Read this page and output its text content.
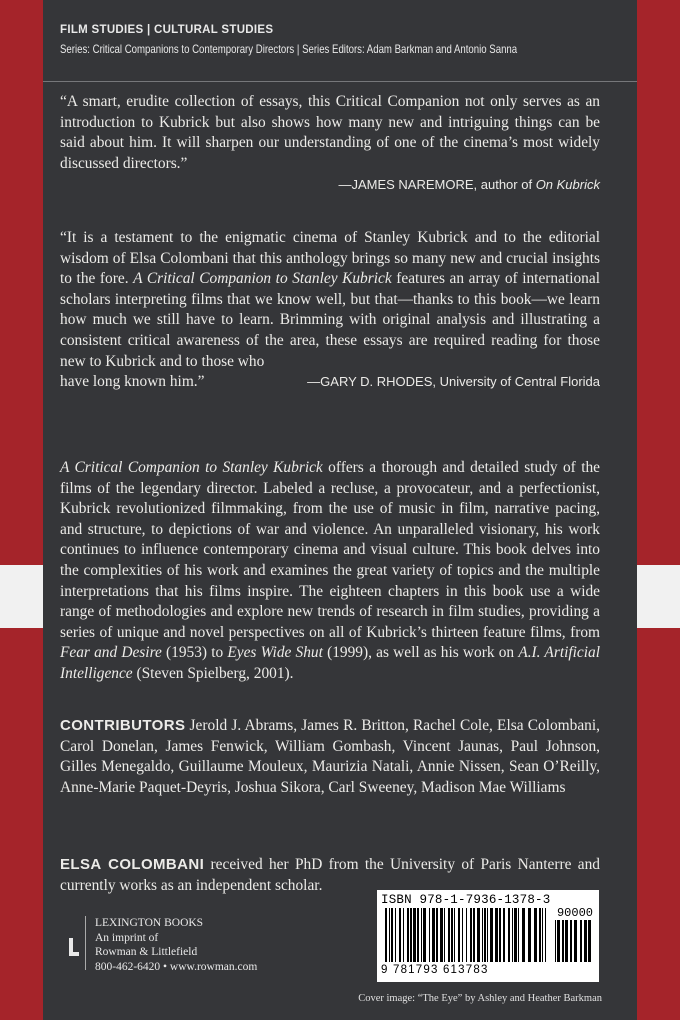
FILM STUDIES | CULTURAL STUDIES
Series: Critical Companions to Contemporary Directors | Series Editors: Adam Barkman and Antonio Sanna
“A smart, erudite collection of essays, this Critical Companion not only serves as an introduction to Kubrick but also shows how many new and intriguing things can be said about him. It will sharpen our understanding of one of the cinema’s most widely discussed directors.”
—JAMES NAREMORE, author of On Kubrick
“It is a testament to the enigmatic cinema of Stanley Kubrick and to the editorial wisdom of Elsa Colombani that this anthology brings so many new and crucial insights to the fore. A Critical Companion to Stanley Kubrick features an array of international scholars interpreting films that we know well, but that—thanks to this book—we learn how much we still have to learn. Brimming with original analysis and illustrating a consistent critical awareness of the area, these essays are required reading for those new to Kubrick and to those who
have long known him.”	—GARY D. RHODES, University of Central Florida
A Critical Companion to Stanley Kubrick offers a thorough and detailed study of the films of the legendary director. Labeled a recluse, a provocateur, and a perfectionist, Kubrick revolutionized filmmaking, from the use of music in film, narrative pacing, and structure, to depictions of war and violence. An unparalleled visionary, his work continues to influence contemporary cinema and visual culture. This book delves into the complexities of his work and examines the great variety of topics and the multiple interpretations that his films inspire. The eighteen chapters in this book use a wide range of methodologies and explore new trends of research in film studies, providing a series of unique and novel perspectives on all of Kubrick’s thirteen feature films, from Fear and Desire (1953) to Eyes Wide Shut (1999), as well as his work on A.I. Artificial Intelligence (Steven Spielberg, 2001).
CONTRIBUTORS Jerold J. Abrams, James R. Britton, Rachel Cole, Elsa Colombani, Carol Donelan, James Fenwick, William Gombash, Vincent Jaunas, Paul Johnson, Gilles Menegaldo, Guillaume Mouleux, Maurizia Natali, Annie Nissen, Sean O’Reilly, Anne-Marie Paquet-Deyris, Joshua Sikora, Carl Sweeney, Madison Mae Williams
ELSA COLOMBANI received her PhD from the University of Paris Nanterre and currently works as an independent scholar.
LEXINGTON BOOKS
An imprint of
Rowman & Littlefield
800-462-6420 • www.rowman.com
ISBN 978-1-7936-1378-3
90000
9 781793 613783
Cover image: “The Eye” by Ashley and Heather Barkman
